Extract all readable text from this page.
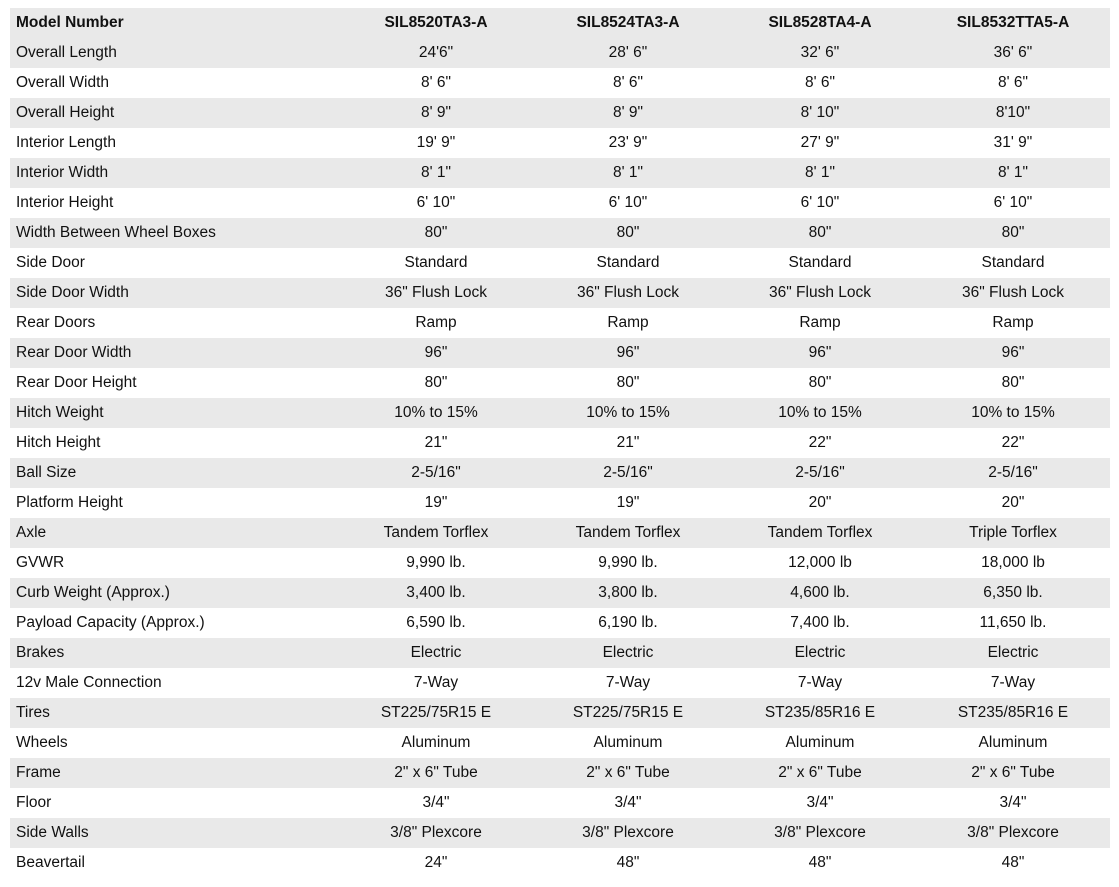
Model Number	SIL8520TA3-A	SIL8524TA3-A	SIL8528TA4-A	SIL8532TTA5-A
Overall Length	24'6"	28' 6"	32' 6"	36' 6"
Overall Width	8' 6"	8' 6"	8' 6"	8' 6"
Overall Height	8' 9"	8' 9"	8' 10"	8'10"
Interior Length	19' 9"	23' 9"	27' 9"	31' 9"
Interior Width	8' 1"	8' 1"	8' 1"	8' 1"
Interior Height	6' 10"	6' 10"	6' 10"	6' 10"
Width Between Wheel Boxes	80"	80"	80"	80"
Side Door	Standard	Standard	Standard	Standard
Side Door Width	36" Flush Lock	36" Flush Lock	36" Flush Lock	36" Flush Lock
Rear Doors	Ramp	Ramp	Ramp	Ramp
Rear Door Width	96"	96"	96"	96"
Rear Door Height	80"	80"	80"	80"
Hitch Weight	10% to 15%	10% to 15%	10% to 15%	10% to 15%
Hitch Height	21"	21"	22"	22"
Ball Size	2-5/16"	2-5/16"	2-5/16"	2-5/16"
Platform Height	19"	19"	20"	20"
Axle	Tandem Torflex	Tandem Torflex	Tandem Torflex	Triple Torflex
GVWR	9,990 lb.	9,990 lb.	12,000 lb	18,000 lb
Curb Weight (Approx.)	3,400 lb.	3,800 lb.	4,600 lb.	6,350 lb.
Payload Capacity (Approx.)	6,590 lb.	6,190 lb.	7,400 lb.	11,650 lb.
Brakes	Electric	Electric	Electric	Electric
12v Male Connection	7-Way	7-Way	7-Way	7-Way
Tires	ST225/75R15 E	ST225/75R15 E	ST235/85R16 E	ST235/85R16 E
Wheels	Aluminum	Aluminum	Aluminum	Aluminum
Frame	2" x 6" Tube	2" x 6" Tube	2" x 6" Tube	2" x 6" Tube
Floor	3/4"	3/4"	3/4"	3/4"
Side Walls	3/8" Plexcore	3/8" Plexcore	3/8" Plexcore	3/8" Plexcore
Beavertail	24"	48"	48"	48"
